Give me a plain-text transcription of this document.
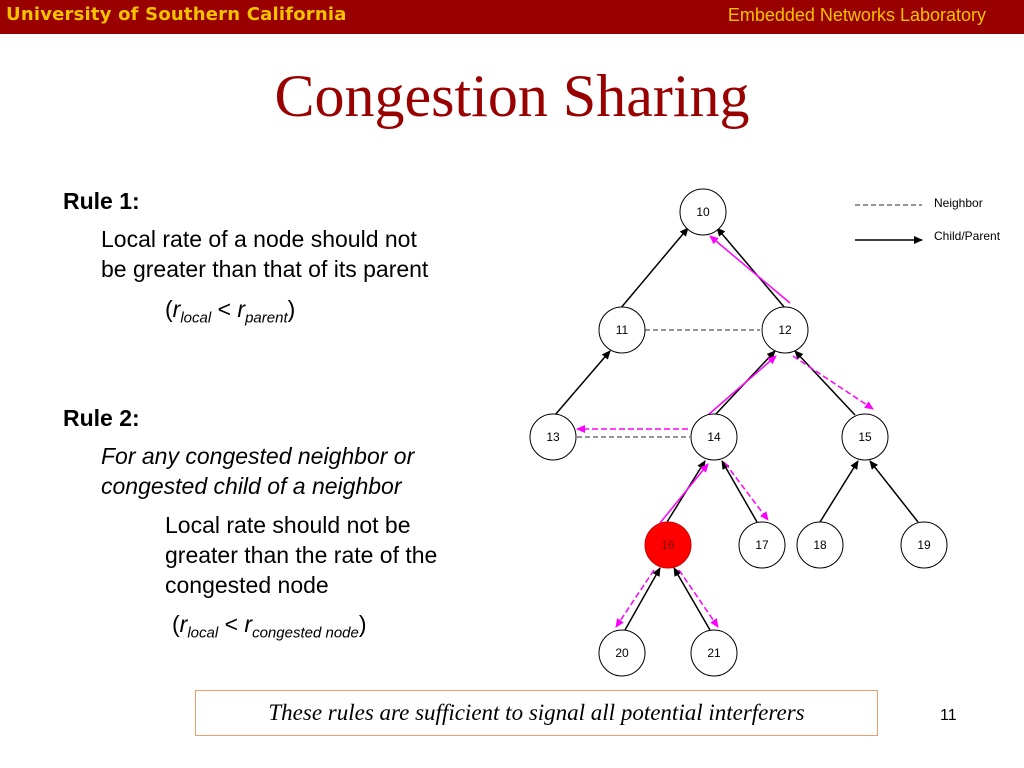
University of Southern California	Embedded Networks Laboratory
Congestion Sharing
Rule 1:
Local rate of a node should not
be greater than that of its parent
$(r_{local} < r_{parent})$
Rule 2:
For any congested neighbor or
congested child of a neighbor
Local rate should not be
greater than the rate of the
congested node
$(r_{local} < r_{congested node})$
Neighbor
Child/Parent
10
11	12
13	14	15
16	17	18	19
20	21
These rules are sufficient to signal all potential interferers	11
